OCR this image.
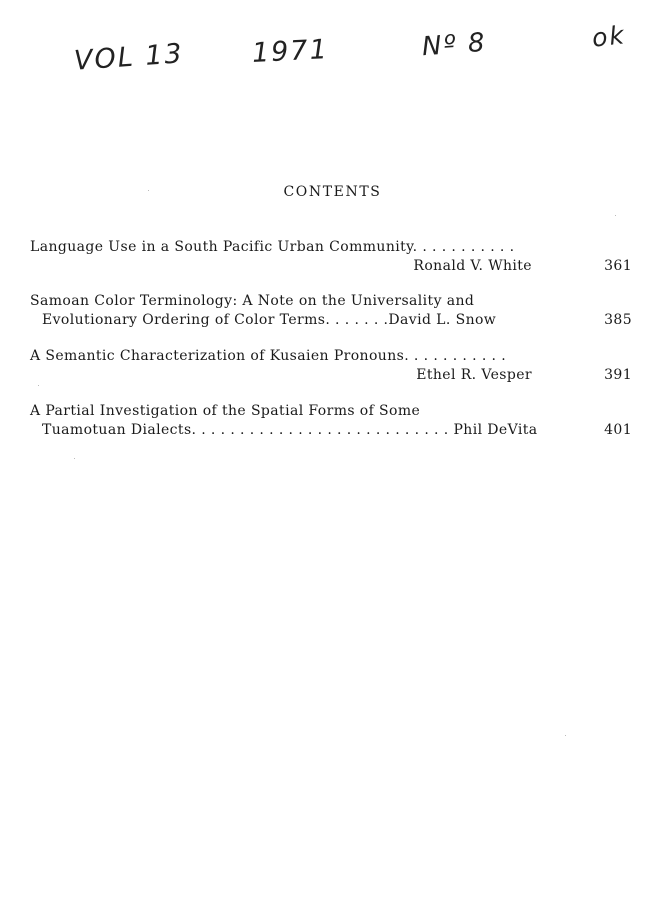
VOL 13 1971	Nº 8	ok
CONTENTS
Language Use in a South Pacific Urban Community. . . . . . . . . . .
Ronald V. White	361
Samoan Color Terminology: A Note on the Universality and
Evolutionary Ordering of Color Terms. . . . . . .David L. Snow	385
A Semantic Characterization of Kusaien Pronouns. . . . . . . . . . .
Ethel R. Vesper	391
A Partial Investigation of the Spatial Forms of Some
Tuamotuan Dialects. . . . . . . . . . . . . . . . . . . . . . . . . . . Phil DeVita	401
